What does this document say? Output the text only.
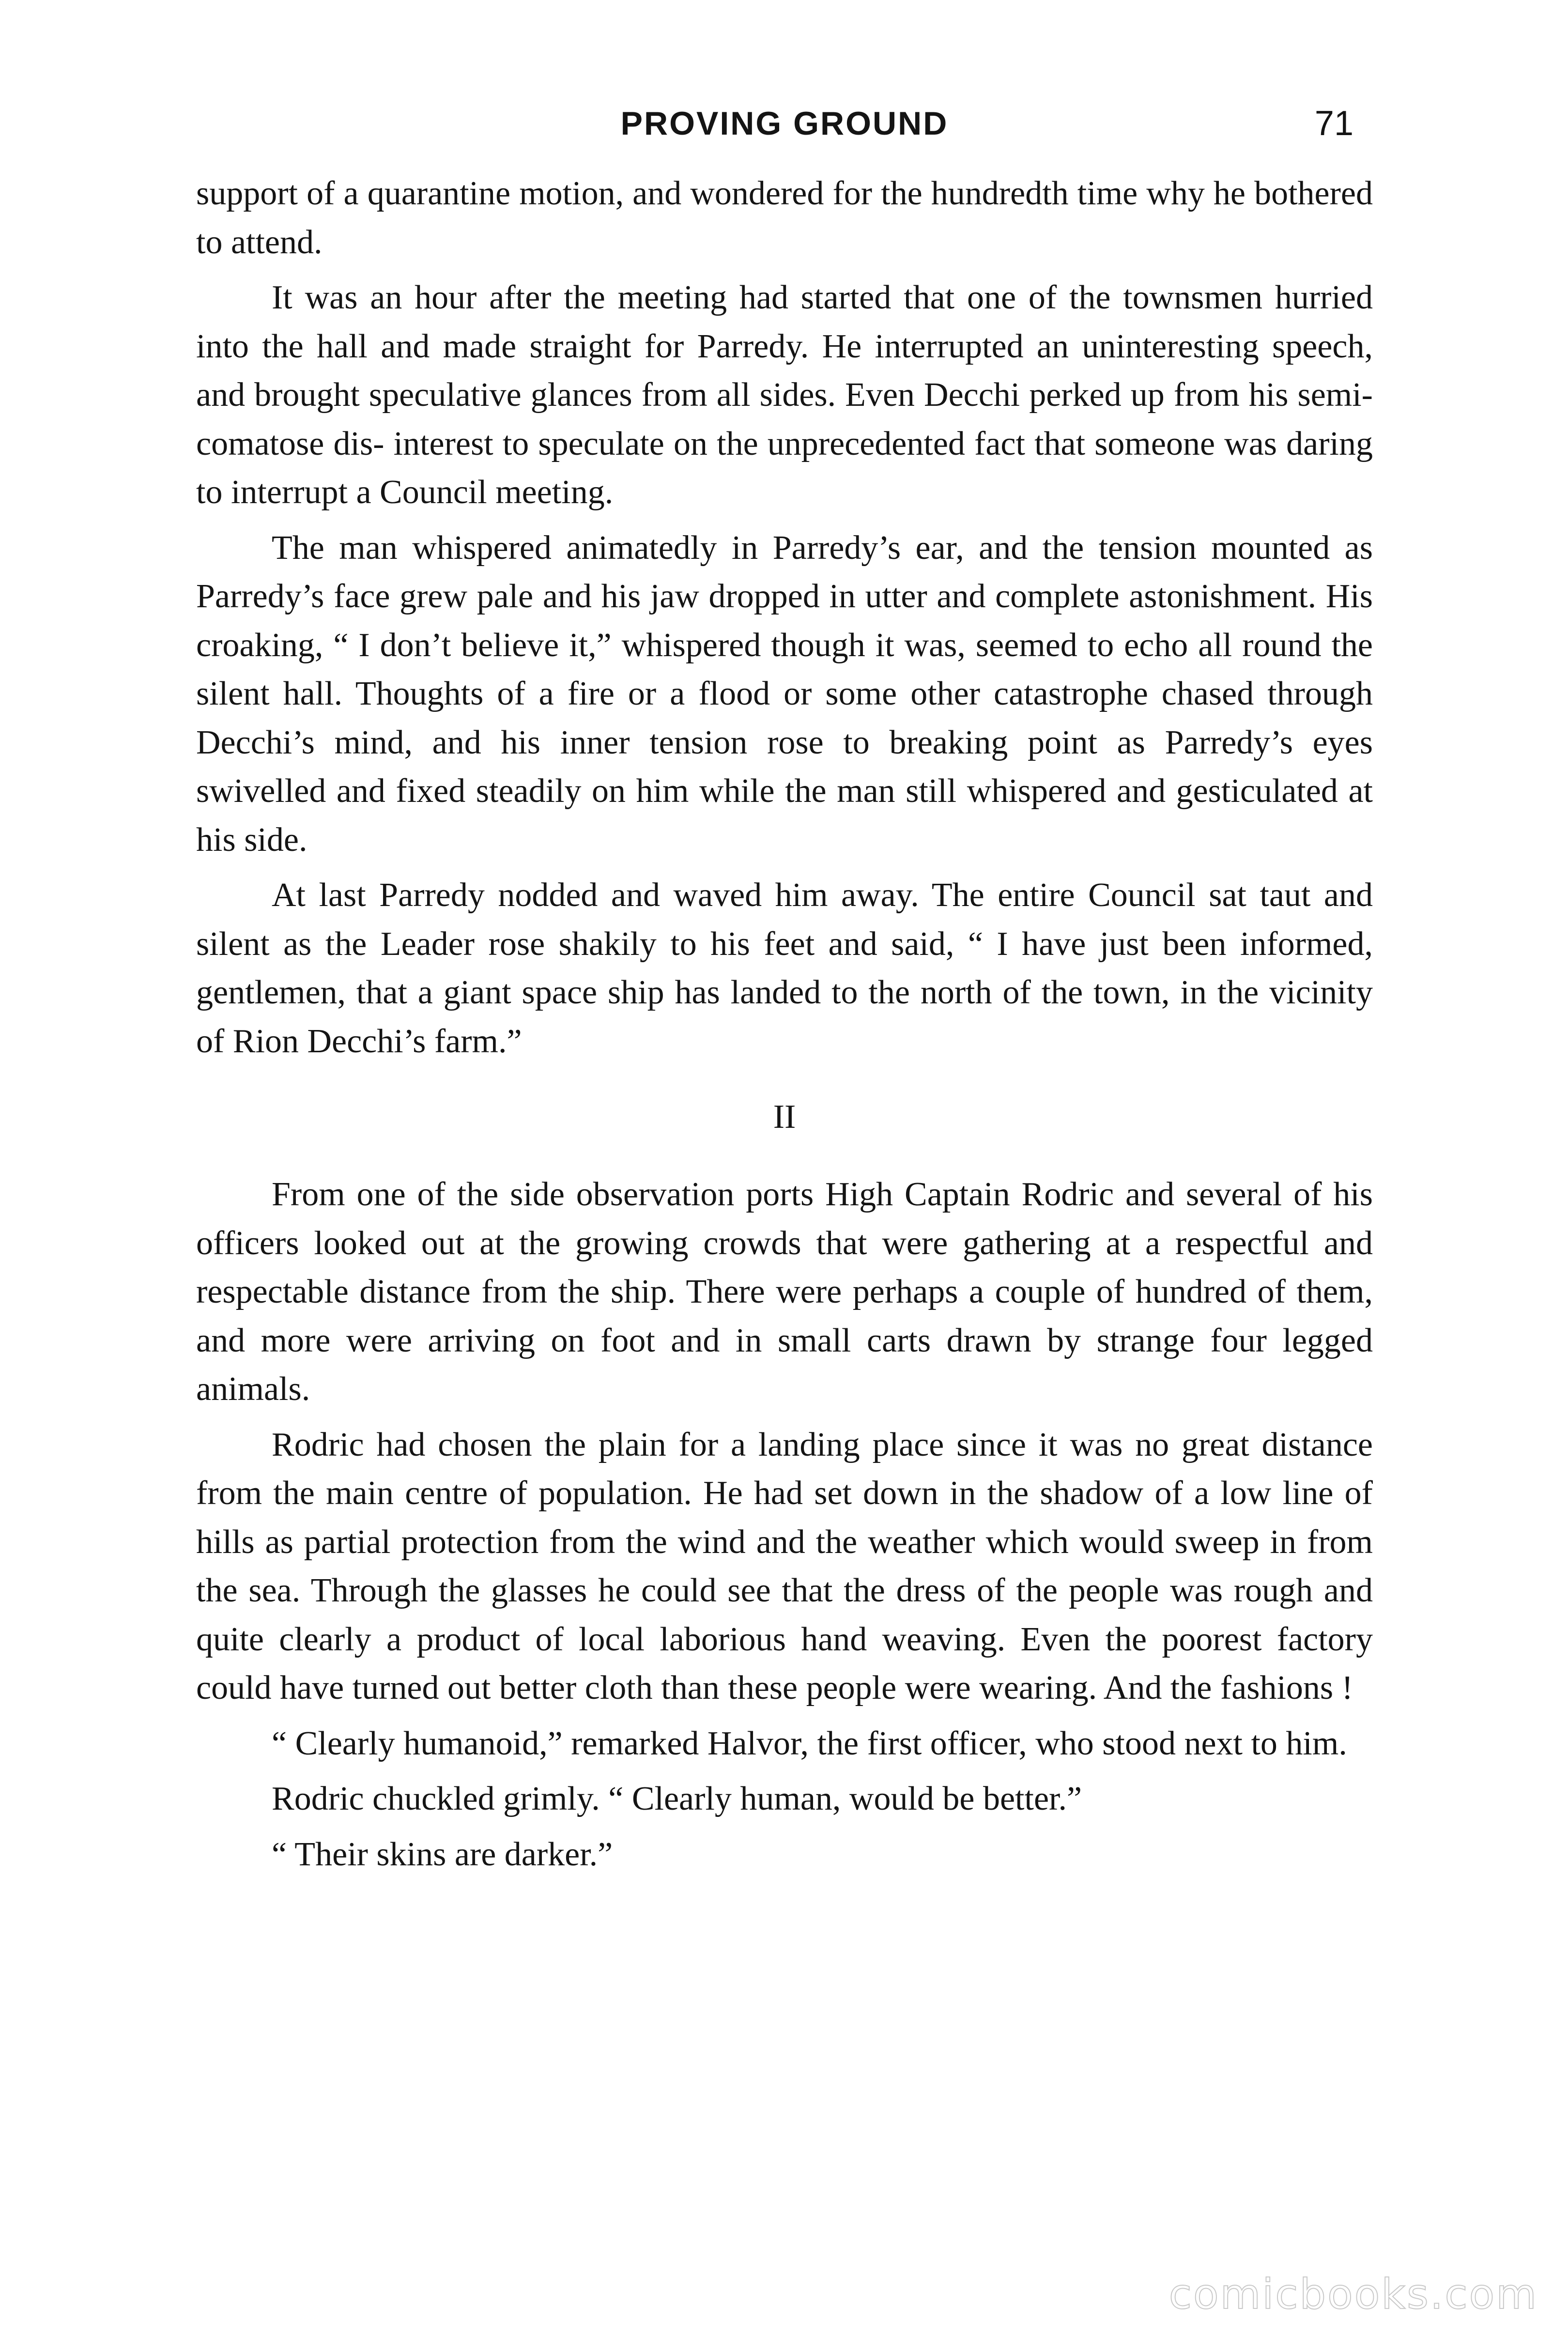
PROVING GROUND	71

support of a quarantine motion, and wondered for the hundredth time why he bothered to attend.

It was an hour after the meeting had started that one of the townsmen hurried into the hall and made straight for Parredy. He interrupted an uninteresting speech, and brought speculative glances from all sides. Even Decchi perked up from his semi-comatose dis- interest to speculate on the unprecedented fact that someone was daring to interrupt a Council meeting.

The man whispered animatedly in Parredy’s ear, and the tension mounted as Parredy’s face grew pale and his jaw dropped in utter and complete astonishment. His croaking, “ I don’t believe it,” whispered though it was, seemed to echo all round the silent hall. Thoughts of a fire or a flood or some other catastrophe chased through Decchi’s mind, and his inner tension rose to breaking point as Parredy’s eyes swivelled and fixed steadily on him while the man still whispered and gesticulated at his side.

At last Parredy nodded and waved him away. The entire Council sat taut and silent as the Leader rose shakily to his feet and said, “ I have just been informed, gentlemen, that a giant space ship has landed to the north of the town, in the vicinity of Rion Decchi’s farm.”

II

From one of the side observation ports High Captain Rodric and several of his officers looked out at the growing crowds that were gathering at a respectful and respectable distance from the ship. There were perhaps a couple of hundred of them, and more were arriving on foot and in small carts drawn by strange four legged animals.

Rodric had chosen the plain for a landing place since it was no great distance from the main centre of population. He had set down in the shadow of a low line of hills as partial protection from the wind and the weather which would sweep in from the sea. Through the glasses he could see that the dress of the people was rough and quite clearly a product of local laborious hand weaving. Even the poorest factory could have turned out better cloth than these people were wearing. And the fashions !

“ Clearly humanoid,” remarked Halvor, the first officer, who stood next to him.

Rodric chuckled grimly. “ Clearly human, would be better.”

“ Their skins are darker.”

comicbooks.com
